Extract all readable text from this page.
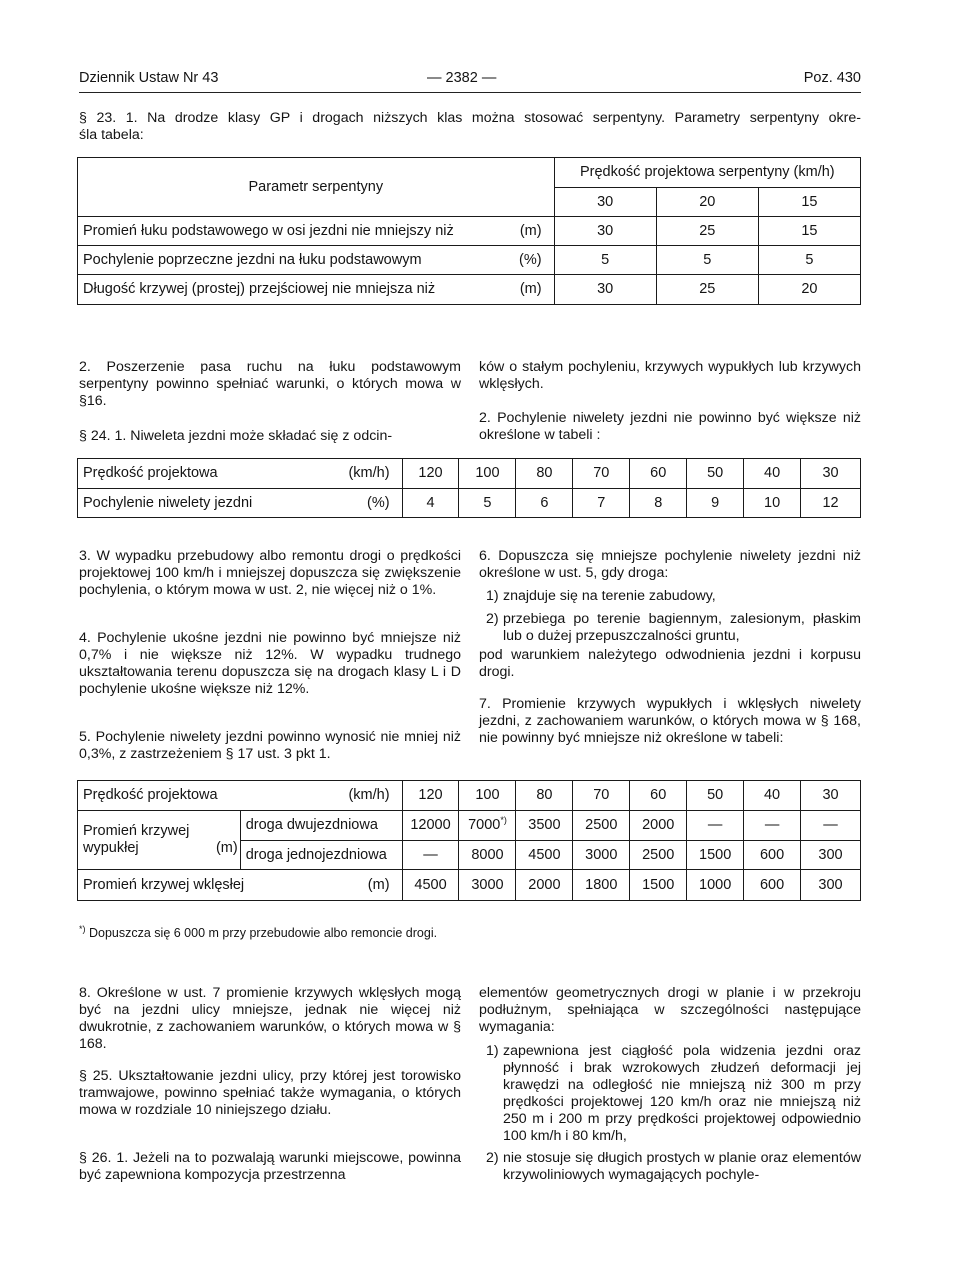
Dziennik Ustaw Nr 43	— 2382 —	Poz. 430
§ 23. 1. Na drodze klasy GP i drogach niższych klas można stosować serpentyny. Parametry serpentyny okre-
śla tabela:
Parametr serpentyny	Prędkość projektowa serpentyny (km/h)		
	30	20	15
Promień łuku podstawowego w osi jezdni nie mniejszy niż (m)	30	25	15
Pochylenie poprzeczne jezdni na łuku podstawowym (%)	5	5	5
Długość krzywej (prostej) przejściowej nie mniejsza niż (m)	30	25	20
2. Poszerzenie pasa ruchu na łuku podstawowym serpentyny powinno spełniać warunki, o których mowa w §16.
§ 24. 1. Niweleta jezdni może składać się z odcin-
ków o stałym pochyleniu, krzywych wypukłych lub krzywych wklęsłych.
2. Pochylenie niwelety jezdni nie powinno być większe niż określone w tabeli :
Prędkość projektowa (km/h)	120	100	80	70	60	50	40	30
Pochylenie niwelety jezdni (%)	4	5	6	7	8	9	10	12
3. W wypadku przebudowy albo remontu drogi o prędkości projektowej 100 km/h i mniejszej dopuszcza się zwiększenie pochylenia, o którym mowa w ust. 2, nie więcej niż o 1%.
4. Pochylenie ukośne jezdni nie powinno być mniejsze niż 0,7% i nie większe niż 12%. W wypadku trudnego ukształtowania terenu dopuszcza się na drogach klasy L i D pochylenie ukośne większe niż 12%.
5. Pochylenie niwelety jezdni powinno wynosić nie mniej niż 0,3%, z zastrzeżeniem § 17 ust. 3 pkt 1.
6. Dopuszcza się mniejsze pochylenie niwelety jezdni niż określone w ust. 5, gdy droga:
1) znajduje się na terenie zabudowy,
2) przebiega po terenie bagiennym, zalesionym, płaskim lub o dużej przepuszczalności gruntu,
pod warunkiem należytego odwodnienia jezdni i korpusu drogi.
7. Promienie krzywych wypukłych i wklęsłych niwelety jezdni, z zachowaniem warunków, o których mowa w § 168, nie powinny być mniejsze niż określone w tabeli:
Prędkość projektowa (km/h)		120	100	80	70	60	50	40	30

Promień krzywej
wypukłej (m)	droga dwujezdniowa	12000	7000*)	3500	2500	2000	—	—	—
	droga jednojezdniowa	—	8000	4500	3000	2500	1500	600	300
Promień krzywej wklęsłej (m)		4500	3000	2000	1800	1500	1000	600	300
*) Dopuszcza się 6 000 m przy przebudowie albo remoncie drogi.
8. Określone w ust. 7 promienie krzywych wklęsłych mogą być na jezdni ulicy mniejsze, jednak nie więcej niż dwukrotnie, z zachowaniem warunków, o których mowa w § 168.
§ 25. Ukształtowanie jezdni ulicy, przy której jest torowisko tramwajowe, powinno spełniać także wymagania, o których mowa w rozdziale 10 niniejszego działu.
§ 26. 1. Jeżeli na to pozwalają warunki miejscowe, powinna być zapewniona kompozycja przestrzenna
elementów geometrycznych drogi w planie i w przekroju podłużnym, spełniająca w szczególności następujące wymagania:
1) zapewniona jest ciągłość pola widzenia jezdni oraz płynność i brak wzrokowych złudzeń deformacji jej krawędzi na odległość nie mniejszą niż 300 m przy prędkości projektowej 120 km/h oraz nie mniejszą niż 250 m i 200 m przy prędkości projektowej odpowiednio 100 km/h i 80 km/h,
2) nie stosuje się długich prostych w planie oraz elementów krzywoliniowych wymagających pochyle-
